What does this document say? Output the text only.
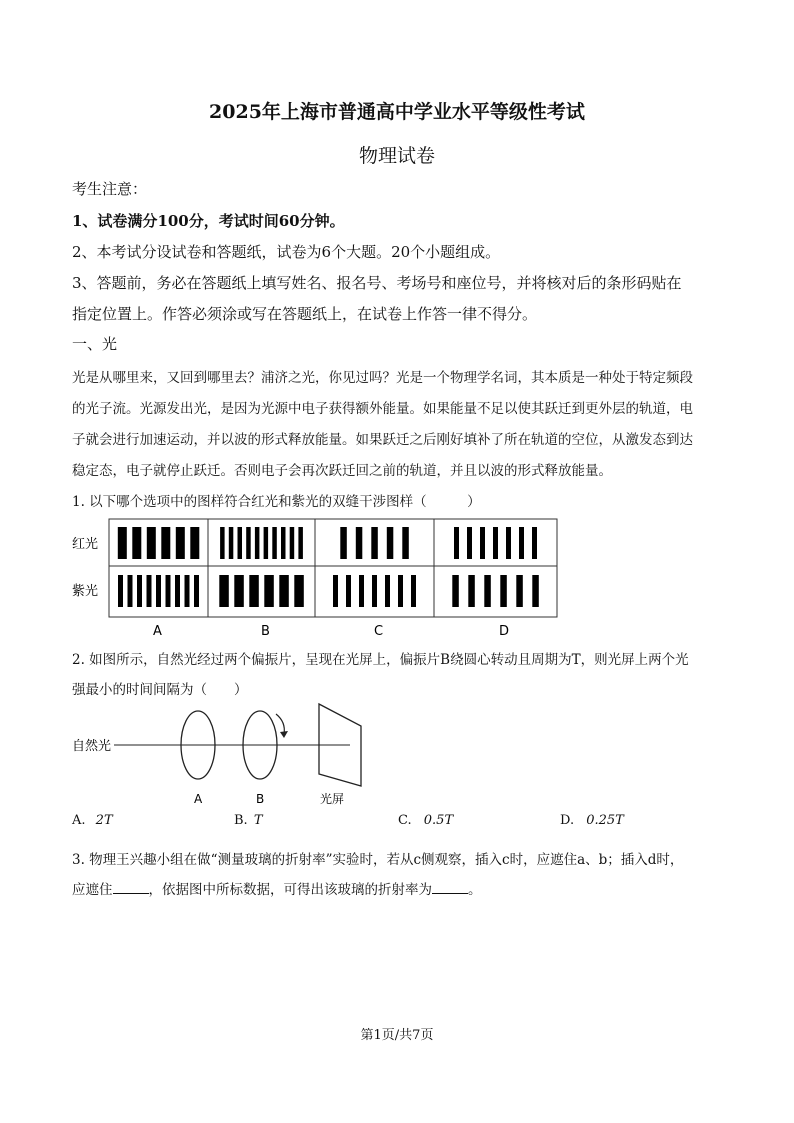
2025年上海市普通高中学业水平等级性考试
物理试卷
考生注意：
1、试卷满分100分，考试时间60分钟。
2、本考试分设试卷和答题纸，试卷为6个大题。20个小题组成。
3、答题前，务必在答题纸上填写姓名、报名号、考场号和座位号，并将核对后的条形码贴在
指定位置上。作答必须涂或写在答题纸上，在试卷上作答一律不得分。
一、光
光是从哪里来，又回到哪里去？浦济之光，你见过吗？光是一个物理学名词，其本质是一种处于特定频段
的光子流。光源发出光，是因为光源中电子获得额外能量。如果能量不足以使其跃迁到更外层的轨道，电
子就会进行加速运动，并以波的形式释放能量。如果跃迁之后刚好填补了所在轨道的空位，从激发态到达
稳定态，电子就停止跃迁。否则电子会再次跃迁回之前的轨道，并且以波的形式释放能量。
1. 以下哪个选项中的图样符合红光和紫光的双缝干涉图样（　　　）
红光
紫光
A	B	C	D
2. 如图所示，自然光经过两个偏振片，呈现在光屏上，偏振片B绕圆心转动且周期为T，则光屏上两个光
强最小的时间间隔为（　　）
自然光
A	B	光屏
A. 2T	B. T	C. 0.5T	D. 0.25T
3. 物理王兴趣小组在做“测量玻璃的折射率”实验时，若从c侧观察，插入c时，应遮住a、b；插入d时，
应遮住	，依据图中所标数据，可得出该玻璃的折射率为	。
第1页/共7页
